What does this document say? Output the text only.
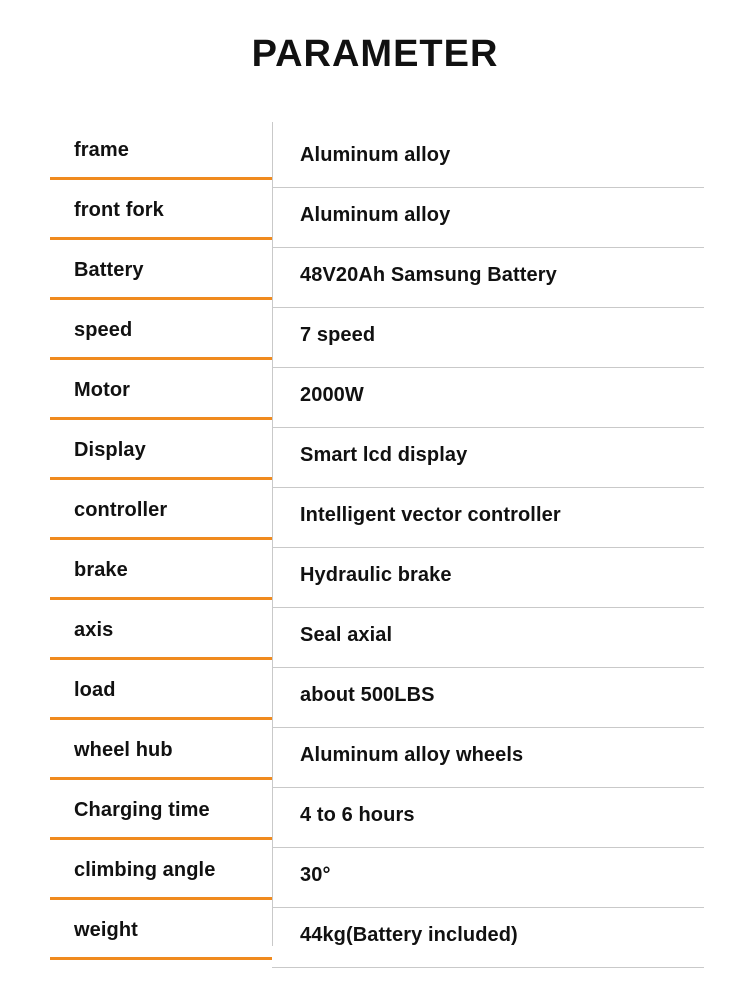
PARAMETER
frame	Aluminum alloy
front fork	Aluminum alloy
Battery	48V20Ah Samsung Battery
speed	7 speed
Motor	2000W
Display	Smart lcd display
controller	Intelligent vector controller
brake	Hydraulic brake
axis	Seal axial
load	about 500LBS
wheel hub	Aluminum alloy wheels
Charging time	4 to 6 hours
climbing angle	30°
weight	44kg(Battery included)
